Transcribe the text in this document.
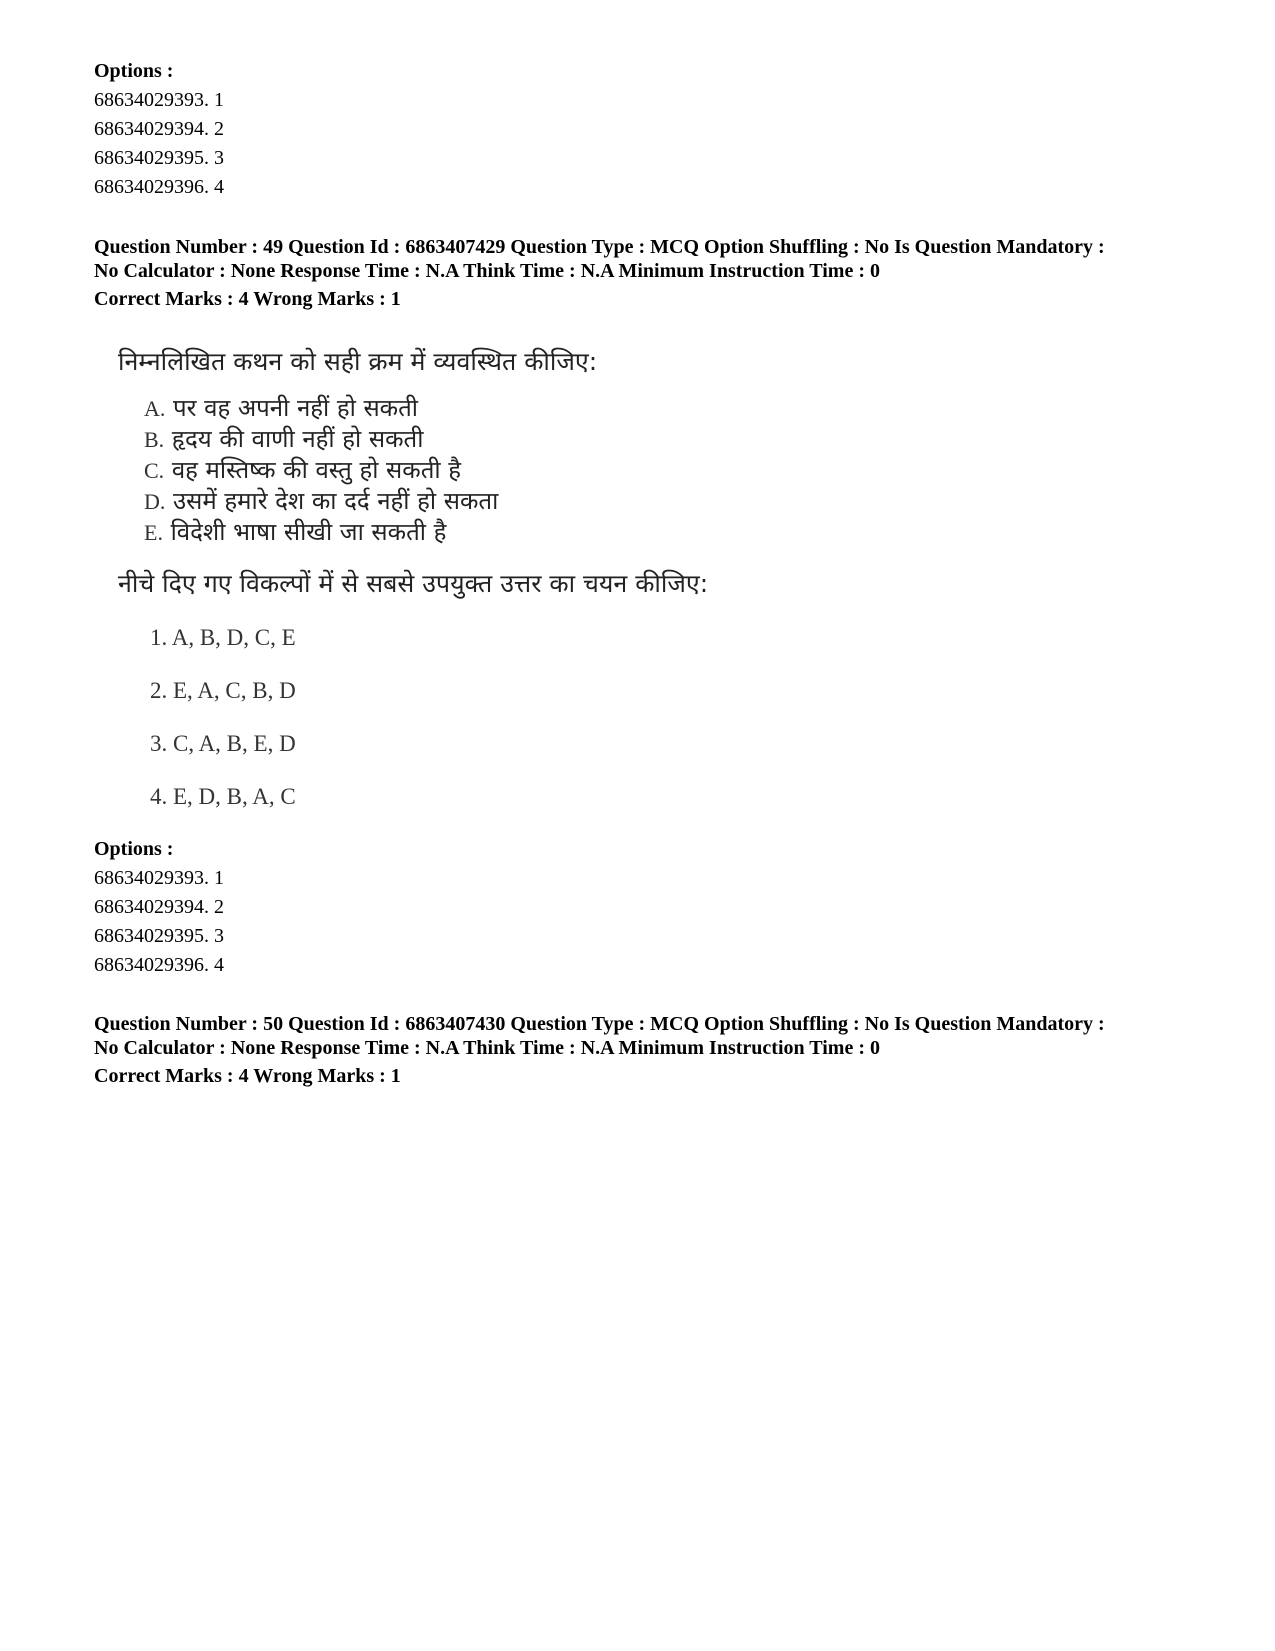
Options :
68634029393. 1
68634029394. 2
68634029395. 3
68634029396. 4
Question Number : 49 Question Id : 6863407429 Question Type : MCQ Option Shuffling : No Is Question Mandatory :
No Calculator : None Response Time : N.A Think Time : N.A Minimum Instruction Time : 0
Correct Marks : 4 Wrong Marks : 1
निम्नलिखित कथन को सही क्रम में व्यवस्थित कीजिए:
A. पर वह अपनी नहीं हो सकती
B. हृदय की वाणी नहीं हो सकती
C. वह मस्तिष्क की वस्तु हो सकती है
D. उसमें हमारे देश का दर्द नहीं हो सकता
E. विदेशी भाषा सीखी जा सकती है
नीचे दिए गए विकल्पों में से सबसे उपयुक्त उत्तर का चयन कीजिए:
1. A, B, D, C, E
2. E, A, C, B, D
3. C, A, B, E, D
4. E, D, B, A, C
Options :
68634029393. 1
68634029394. 2
68634029395. 3
68634029396. 4
Question Number : 50 Question Id : 6863407430 Question Type : MCQ Option Shuffling : No Is Question Mandatory :
No Calculator : None Response Time : N.A Think Time : N.A Minimum Instruction Time : 0
Correct Marks : 4 Wrong Marks : 1
